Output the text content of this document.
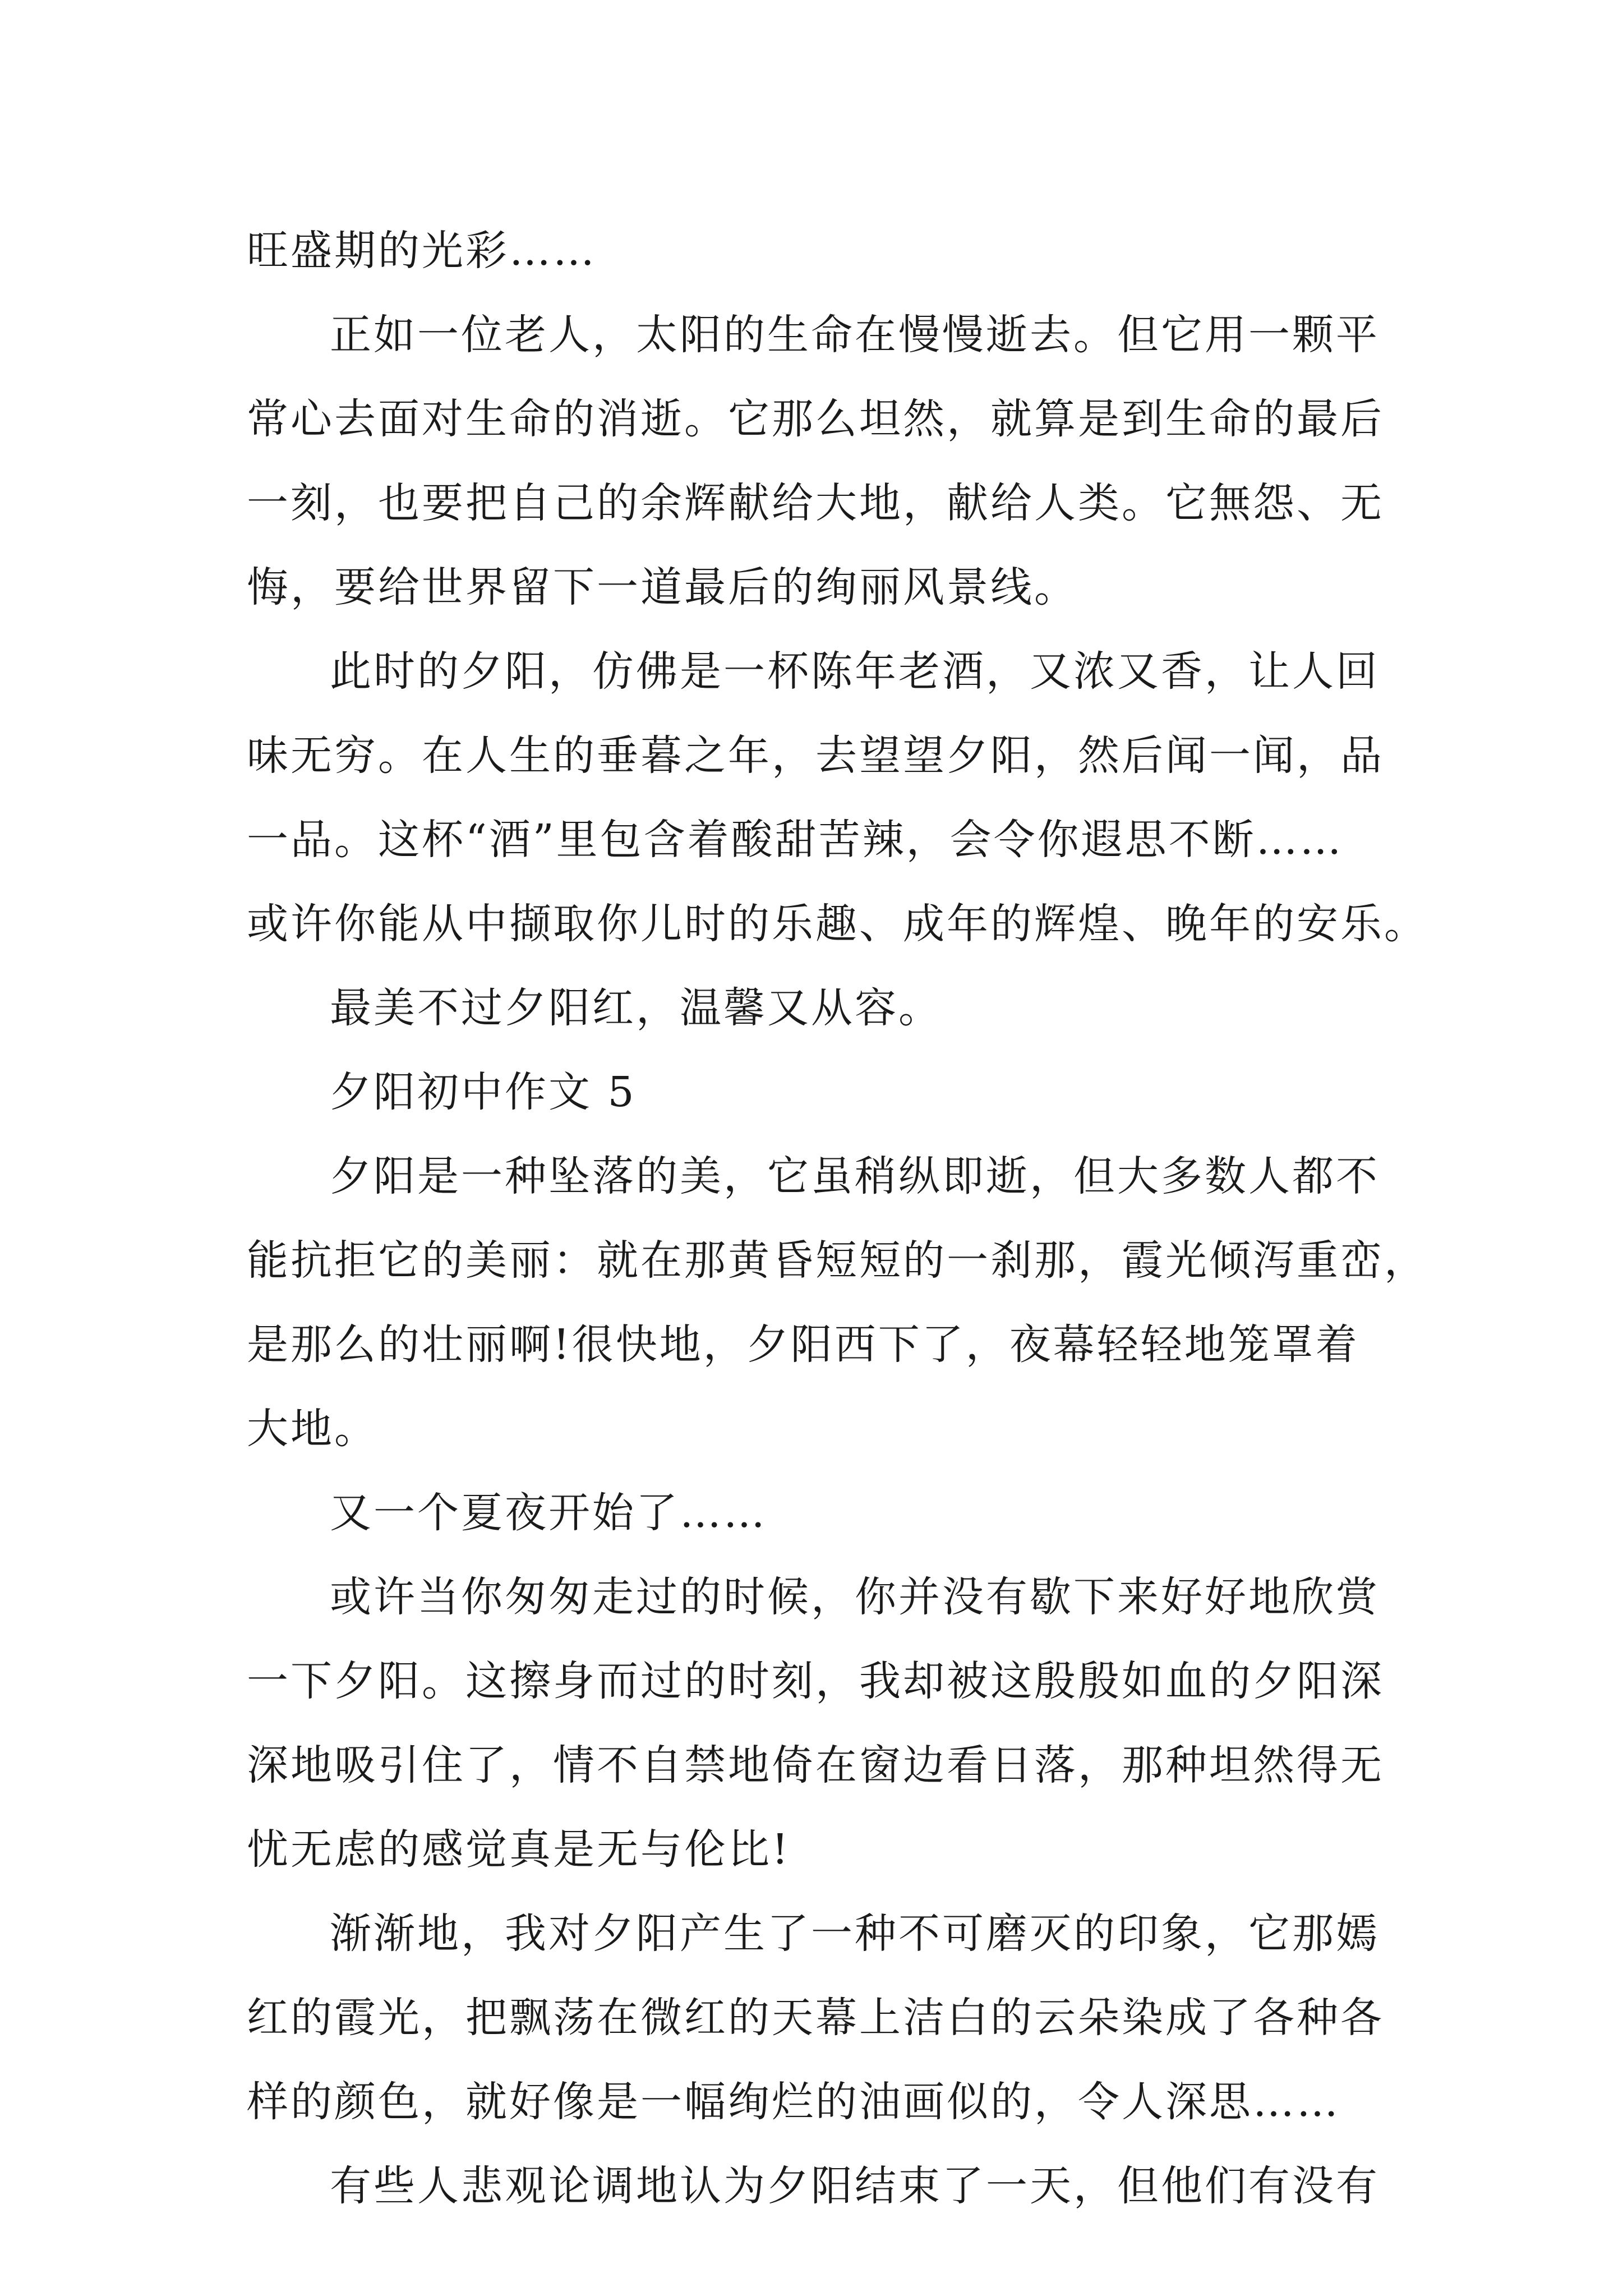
旺盛期的光彩……

正如一位老人，太阳的生命在慢慢逝去。但它用一颗平
常心去面对生命的消逝。它那么坦然，就算是到生命的最后
一刻，也要把自己的余辉献给大地，献给人类。它無怨、无
悔，要给世界留下一道最后的绚丽风景线。

此时的夕阳，仿佛是一杯陈年老酒，又浓又香，让人回
味无穷。在人生的垂暮之年，去望望夕阳，然后闻一闻，品
一品。这杯“酒”里包含着酸甜苦辣，会令你遐思不断……
或许你能从中撷取你儿时的乐趣、成年的辉煌、晚年的安乐。

最美不过夕阳红，温馨又从容。

夕阳初中作文 5

夕阳是一种坠落的美，它虽稍纵即逝，但大多数人都不
能抗拒它的美丽：就在那黄昏短短的一刹那，霞光倾泻重峦，
是那么的壮丽啊!很快地，夕阳西下了，夜幕轻轻地笼罩着
大地。

又一个夏夜开始了……

或许当你匆匆走过的时候，你并没有歇下来好好地欣赏
一下夕阳。这擦身而过的时刻，我却被这殷殷如血的夕阳深
深地吸引住了，情不自禁地倚在窗边看日落，那种坦然得无
忧无虑的感觉真是无与伦比!

渐渐地，我对夕阳产生了一种不可磨灭的印象，它那嫣
红的霞光，把飘荡在微红的天幕上洁白的云朵染成了各种各
样的颜色，就好像是一幅绚烂的油画似的，令人深思……

有些人悲观论调地认为夕阳结束了一天，但他们有没有
